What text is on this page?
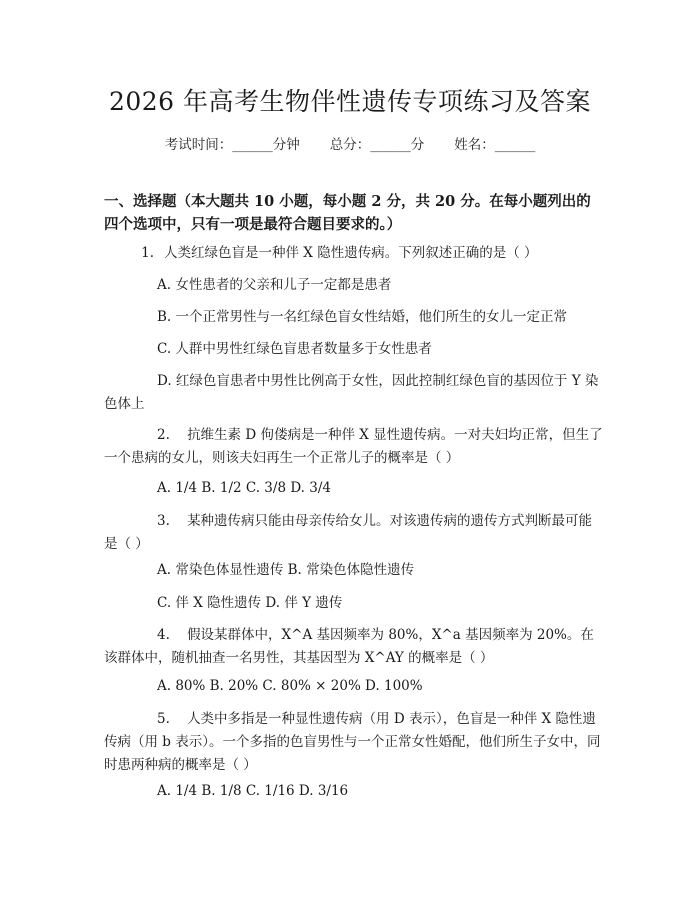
2026 年高考生物伴性遗传专项练习及答案
考试时间：______分钟 总分：______分 姓名：______
一、选择题（本大题共 10 小题，每小题 2 分，共 20 分。在每小题列出的四个选项中，只有一项是最符合题目要求的。）
1. 人类红绿色盲是一种伴 X 隐性遗传病。下列叙述正确的是（ ）
A. 女性患者的父亲和儿子一定都是患者
B. 一个正常男性与一名红绿色盲女性结婚，他们所生的女儿一定正常
C. 人群中男性红绿色盲患者数量多于女性患者
D. 红绿色盲患者中男性比例高于女性，因此控制红绿色盲的基因位于 Y 染色体上
2. 抗维生素 D 佝偻病是一种伴 X 显性遗传病。一对夫妇均正常，但生了一个患病的女儿，则该夫妇再生一个正常儿子的概率是（ ）
A. 1/4 B. 1/2 C. 3/8 D. 3/4
3. 某种遗传病只能由母亲传给女儿。对该遗传病的遗传方式判断最可能是（ ）
A. 常染色体显性遗传 B. 常染色体隐性遗传
C. 伴 X 隐性遗传 D. 伴 Y 遗传
4. 假设某群体中，X^A 基因频率为 80%，X^a 基因频率为 20%。在该群体中，随机抽查一名男性，其基因型为 X^AY 的概率是（ ）
A. 80% B. 20% C. 80% × 20% D. 100%
5. 人类中多指是一种显性遗传病（用 D 表示），色盲是一种伴 X 隐性遗传病（用 b 表示）。一个多指的色盲男性与一个正常女性婚配，他们所生子女中，同时患两种病的概率是（ ）
A. 1/4 B. 1/8 C. 1/16 D. 3/16
